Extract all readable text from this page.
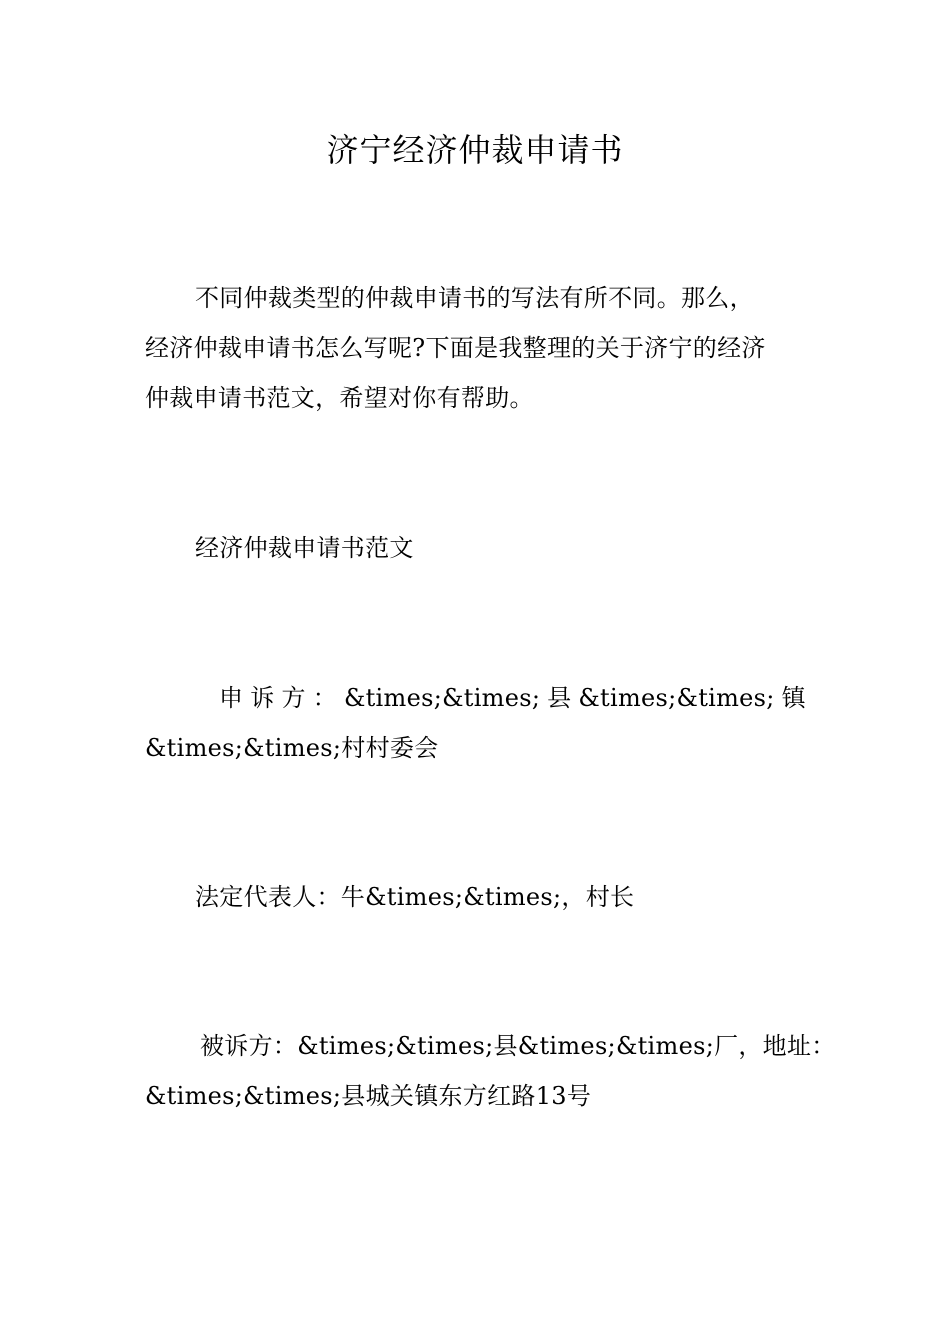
济宁经济仲裁申请书
不同仲裁类型的仲裁申请书的写法有所不同。那么，
经济仲裁申请书怎么写呢?下面是我整理的关于济宁的经济
仲裁申请书范文，希望对你有帮助。
经济仲裁申请书范文
申 诉 方 ： &times;&times; 县 &times;&times; 镇
&times;&times;村村委会
法定代表人：牛&times;&times;，村长
被诉方：&times;&times;县&times;&times;厂，地址：
&times;&times;县城关镇东方红路13号
